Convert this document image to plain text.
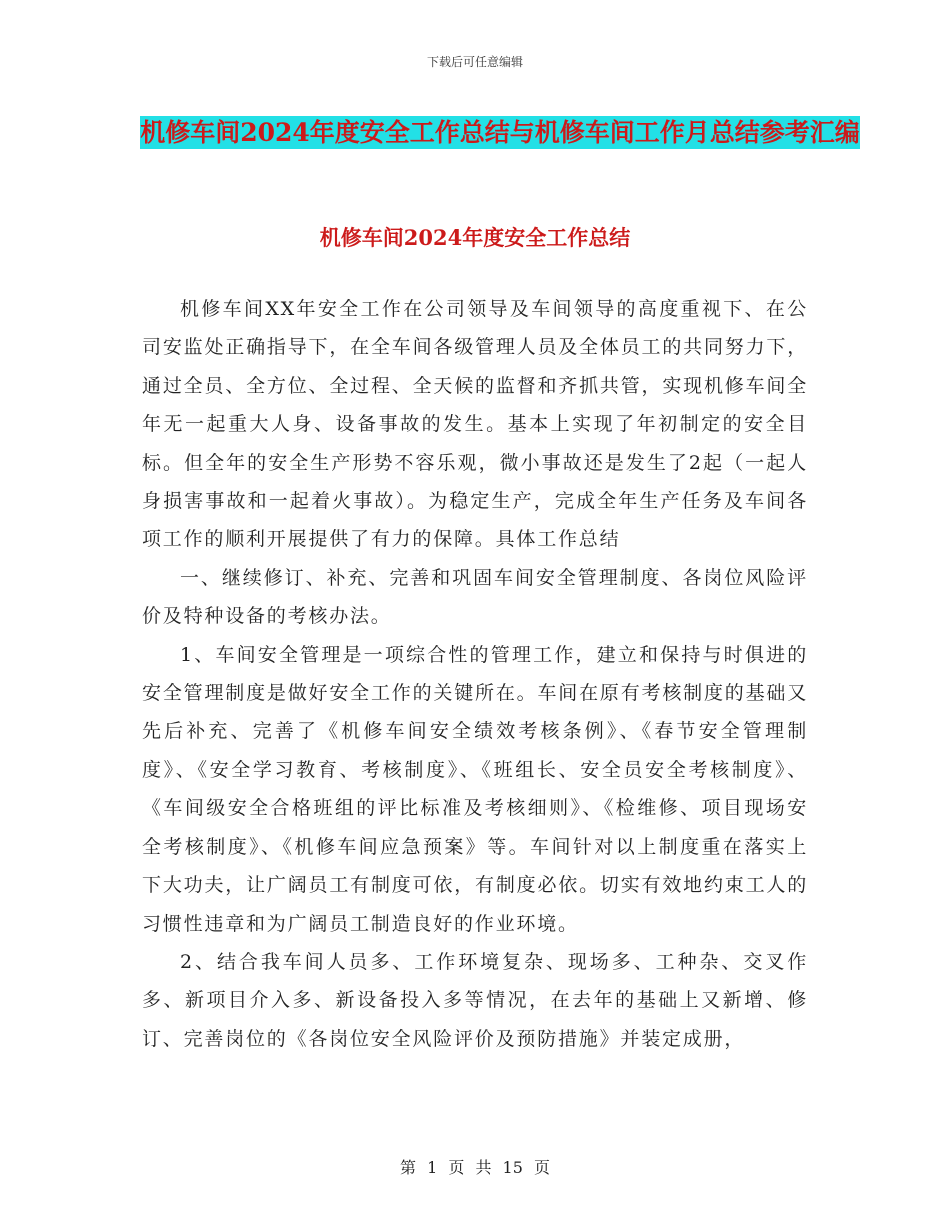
下载后可任意编辑
机修车间2024年度安全工作总结与机修车间工作月总结参考汇编
机修车间2024年度安全工作总结

机修车间XX年安全工作在公司领导及车间领导的高度重视下、在公司安监处正确指导下，在全车间各级管理人员及全体员工的共同努力下，通过全员、全方位、全过程、全天候的监督和齐抓共管，实现机修车间全年无一起重大人身、设备事故的发生。基本上实现了年初制定的安全目标。但全年的安全生产形势不容乐观，微小事故还是发生了2起（一起人身损害事故和一起着火事故）。为稳定生产，完成全年生产任务及车间各项工作的顺利开展提供了有力的保障。具体工作总结

一、继续修订、补充、完善和巩固车间安全管理制度、各岗位风险评价及特种设备的考核办法。

1、车间安全管理是一项综合性的管理工作，建立和保持与时俱进的安全管理制度是做好安全工作的关键所在。车间在原有考核制度的基础又先后补充、完善了《机修车间安全绩效考核条例》、《春节安全管理制度》、《安全学习教育、考核制度》、《班组长、安全员安全考核制度》、《车间级安全合格班组的评比标准及考核细则》、《检维修、项目现场安全考核制度》、《机修车间应急预案》等。车间针对以上制度重在落实上下大功夫，让广阔员工有制度可依，有制度必依。切实有效地约束工人的习惯性违章和为广阔员工制造良好的作业环境。

2、结合我车间人员多、工作环境复杂、现场多、工种杂、交叉作多、新项目介入多、新设备投入多等情况，在去年的基础上又新增、修订、完善岗位的《各岗位安全风险评价及预防措施》并装定成册，

第 1 页 共 15 页
